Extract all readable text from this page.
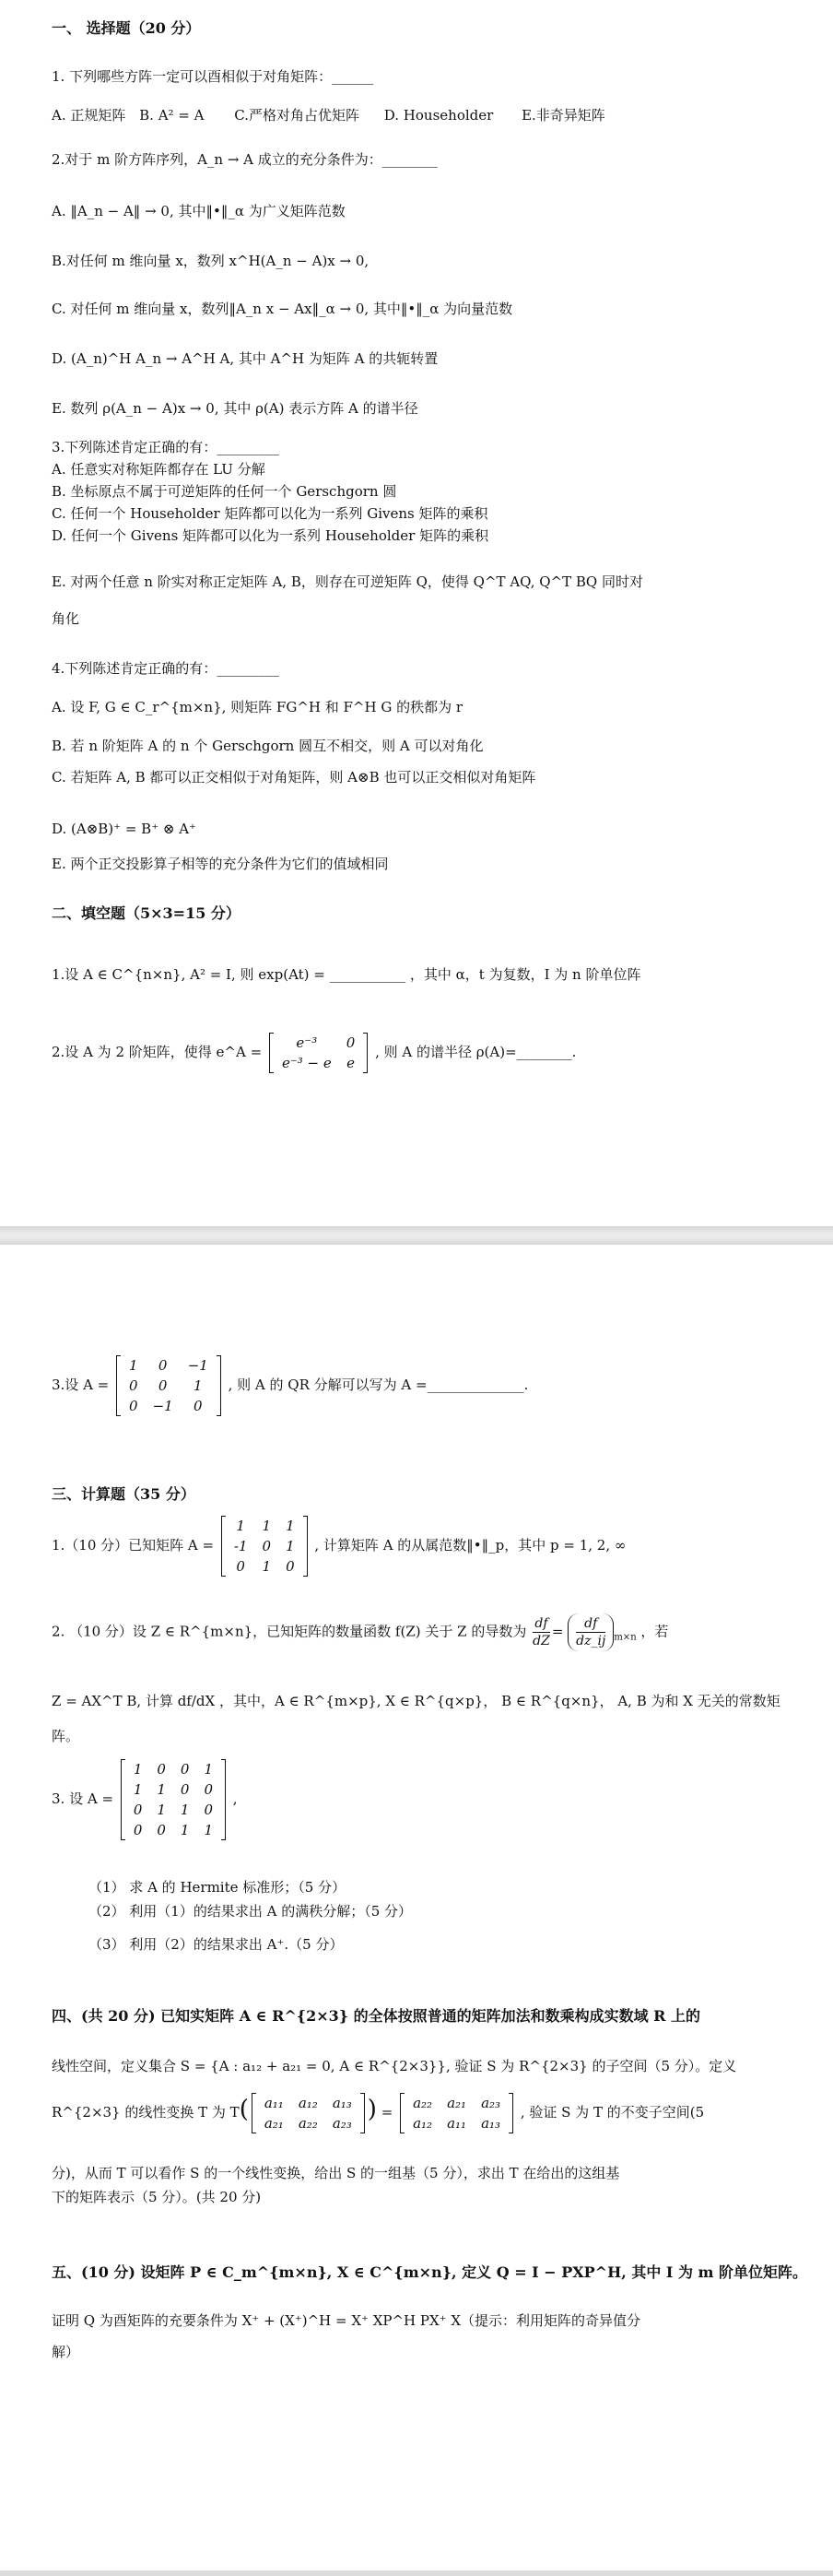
一、 选择题（20 分）
1. 下列哪些方阵一定可以酉相似于对角矩阵：______
A. 正规矩阵 B. A² = A C.严格对角占优矩阵 D. Householder E.非奇异矩阵
2.对于 m 阶方阵序列，A_n → A 成立的充分条件为：________
A. ‖A_n − A‖ → 0, 其中‖•‖_α 为广义矩阵范数
B.对任何 m 维向量 x，数列 x^H(A_n − A)x → 0,
C. 对任何 m 维向量 x，数列‖A_n x − Ax‖_α → 0, 其中‖•‖_α 为向量范数
D. (A_n)^H A_n → A^H A, 其中 A^H 为矩阵 A 的共轭转置
E. 数列 ρ(A_n − A)x → 0, 其中 ρ(A) 表示方阵 A 的谱半径
3.下列陈述肯定正确的有：_________
A. 任意实对称矩阵都存在 LU 分解
B. 坐标原点不属于可逆矩阵的任何一个 Gerschgorn 圆
C. 任何一个 Householder 矩阵都可以化为一系列 Givens 矩阵的乘积
D. 任何一个 Givens 矩阵都可以化为一系列 Householder 矩阵的乘积
E. 对两个任意 n 阶实对称正定矩阵 A, B，则存在可逆矩阵 Q，使得 Q^T AQ, Q^T BQ 同时对
角化
4.下列陈述肯定正确的有：_________
A. 设 F, G ∈ C_r^{m×n}, 则矩阵 FG^H 和 F^H G 的秩都为 r
B. 若 n 阶矩阵 A 的 n 个 Gerschgorn 圆互不相交，则 A 可以对角化
C. 若矩阵 A, B 都可以正交相似于对角矩阵，则 A⊗B 也可以正交相似对角矩阵
D. (A⊗B)⁺ = B⁺ ⊗ A⁺
E. 两个正交投影算子相等的充分条件为它们的值域相同
二、填空题（5×3=15 分）
1.设 A ∈ C^{n×n}, A² = I, 则 exp(At) = ___________ ，其中 α，t 为复数，I 为 n 阶单位阵
2.设 A 为 2 阶矩阵，使得 e^A =
e⁻³	0
e⁻³ − e	e
, 则 A 的谱半径 ρ(A)=________.
3.设 A =
1	0	−1
0	0	1
0	−1	0
, 则 A 的 QR 分解可以写为 A =______________.
三、计算题（35 分）
1.（10 分）已知矩阵 A =
1	1	1
-1	0	1
0	1	0
, 计算矩阵 A 的从属范数‖•‖_p，其中 p = 1, 2, ∞
2. （10 分）设 Z ∈ R^{m×n}，已知矩阵的数量函数 f(Z) 关于 Z 的导数为 $\frac{df}{dZ} = \frac{df}{dz\_ij} _{m\times n}$ ，若
Z = AX^T B, 计算 df/dX ，其中，A ∈ R^{m×p}, X ∈ R^{q×p}， B ∈ R^{q×n}， A, B 为和 X 无关的常数矩
阵。
3. 设 A =
1	0	0	1
1	1	0	0
0	1	1	0
0	0	1	1
,
（1） 求 A 的 Hermite 标准形；（5 分）
（2） 利用（1）的结果求出 A 的满秩分解；（5 分）
（3） 利用（2）的结果求出 A⁺.（5 分）
四、(共 20 分) 已知实矩阵 A ∈ R^{2×3} 的全体按照普通的矩阵加法和数乘构成实数域 R 上的
线性空间，定义集合 S = {A : a₁₂ + a₂₁ = 0, A ∈ R^{2×3}}, 验证 S 为 R^{2×3} 的子空间（5 分）。定义
R^{2×3} 的线性变换 T 为 T( a₁₁	a₁₂	a₁₃
a₂₁	a₂₂	a₂₃ ) =
a₂₂	a₂₁	a₂₃
a₁₂	a₁₁	a₁₃
, 验证 S 为 T 的不变子空间(5
分)，从而 T 可以看作 S 的一个线性变换，给出 S 的一组基（5 分），求出 T 在给出的这组基
下的矩阵表示（5 分）。(共 20 分)
五、(10 分) 设矩阵 P ∈ C_m^{m×n}, X ∈ C^{m×n}, 定义 Q = I − PXP^H, 其中 I 为 m 阶单位矩阵。
证明 Q 为酉矩阵的充要条件为 X⁺ + (X⁺)^H = X⁺ XP^H PX⁺ X（提示：利用矩阵的奇异值分
解）
